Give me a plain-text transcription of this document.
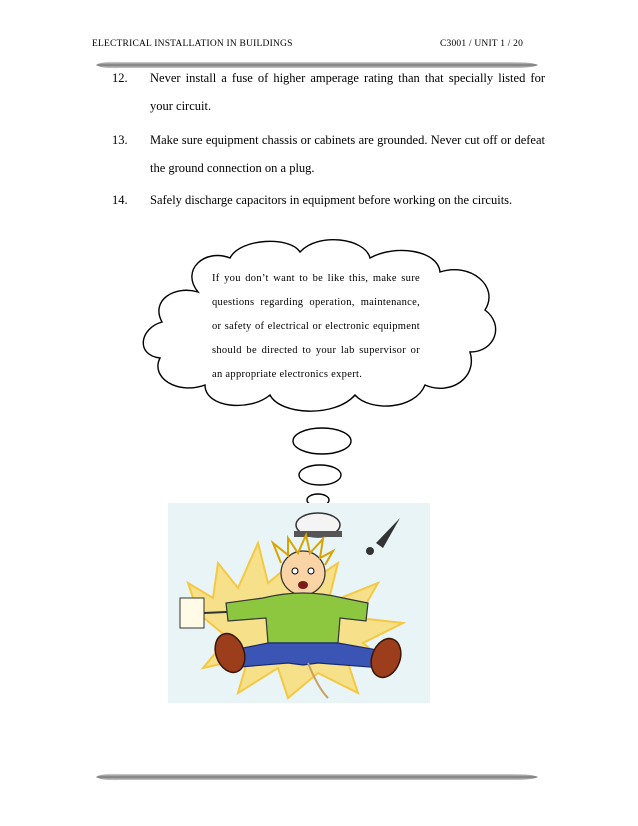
ELECTRICAL INSTALLATION IN BUILDINGS	C3001 / UNIT 1 / 20
12. Never install a fuse of higher amperage rating than that specially listed for your circuit.
13. Make sure equipment chassis or cabinets are grounded. Never cut off or defeat the ground connection on a plug.
14. Safely discharge capacitors in equipment before working on the circuits.
If you don’t want to be like this, make sure questions regarding operation, maintenance, or safety of electrical or electronic equipment should be directed to your lab supervisor or an appropriate electronics expert.
